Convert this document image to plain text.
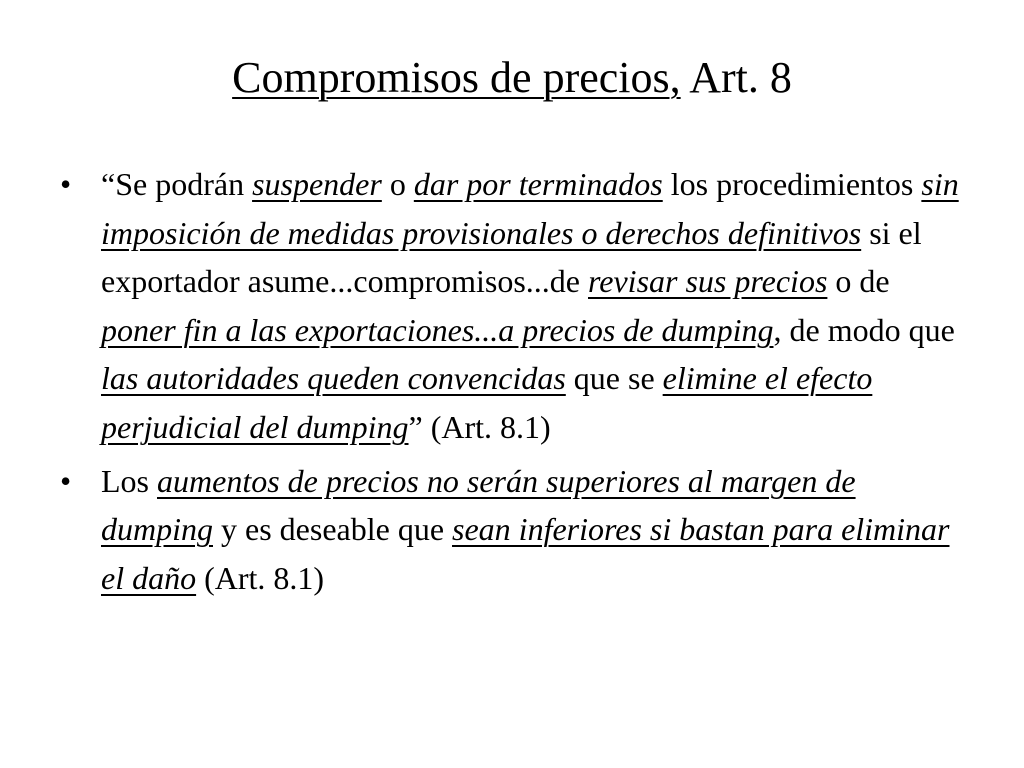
Compromisos de precios, Art. 8
• “Se podrán suspender o dar por terminados los procedimientos sin imposición de medidas provisionales o derechos definitivos si el exportador asume...compromisos...de revisar sus precios o de poner fin a las exportaciones...a precios de dumping, de modo que las autoridades queden convencidas que se elimine el efecto perjudicial del dumping” (Art. 8.1)
• Los aumentos de precios no serán superiores al margen de dumping y es deseable que sean inferiores si bastan para eliminar el daño (Art. 8.1)
